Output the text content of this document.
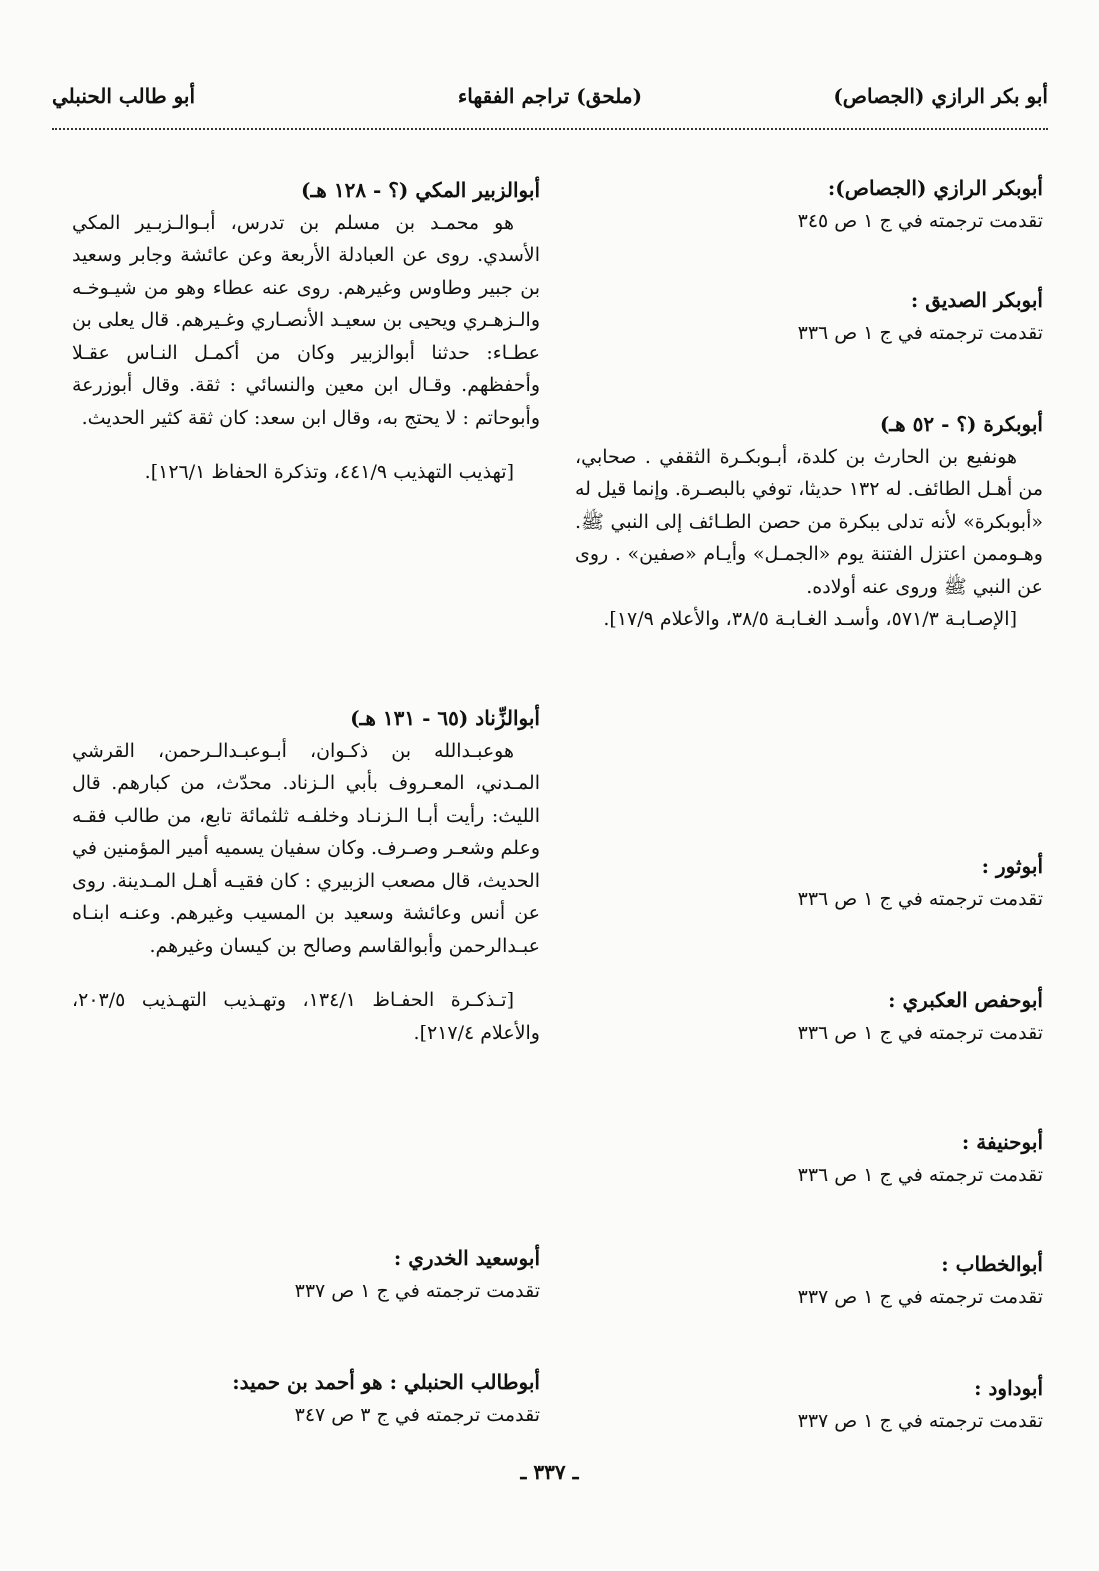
أبو بكر الرازي (الجصاص)
(ملحق) تراجم الفقهاء
أبو طالب الحنبلي
أبوبكر الرازي (الجصاص):
تقدمت ترجمته في ج ١ ص ٣٤٥
أبوبكر الصديق :
تقدمت ترجمته في ج ١ ص ٣٣٦
أبوبكرة (؟ - ٥٢ هـ)
هونفيع بن الحارث بن كلدة، أبـوبكـرة الثقفي . صحابي، من أهـل الطائف. له ١٣٢ حديثا، توفي بالبصـرة. وإنما قيل له «أبوبكرة» لأنه تدلى ببكرة من حصن الطـائف إلى النبي ﷺ. وهـوممن اعتزل الفتنة يوم «الجمـل» وأيـام «صفين» . روى عن النبي ﷺ وروى عنه أولاده.
[الإصـابـة ٥٧١/٣، وأسـد الغـابـة ٣٨/٥، والأعلام ١٧/٩].
أبوثور :
تقدمت ترجمته في ج ١ ص ٣٣٦
أبوحفص العكبري :
تقدمت ترجمته في ج ١ ص ٣٣٦
أبوحنيفة :
تقدمت ترجمته في ج ١ ص ٣٣٦
أبوالخطاب :
تقدمت ترجمته في ج ١ ص ٣٣٧
أبوداود :
تقدمت ترجمته في ج ١ ص ٣٣٧
أبوالزبير المكي (؟ - ١٢٨ هـ)
هو محمـد بن مسلم بن تدرس، أبـوالـزبـير المكي الأسدي. روى عن العبادلة الأربعة وعن عائشة وجابر وسعيد بن جبير وطاوس وغيرهم. روى عنه عطاء وهو من شيـوخـه والـزهـري ويحيى بن سعيـد الأنصـاري وغـيرهم. قال يعلى بن عطـاء: حدثنا أبوالزبير وكان من أكمـل النـاس عقـلا وأحفظهم. وقـال ابن معين والنسائي : ثقة. وقال أبوزرعة وأبوحاتم : لا يحتج به، وقال ابن سعد: كان ثقة كثير الحديث.
[تهذيب التهذيب ٤٤١/٩، وتذكرة الحفاظ ١٢٦/١].
أبوالزِّناد (٦٥ - ١٣١ هـ)
هوعبـدالله بن ذكـوان، أبـوعبـدالـرحمن، القرشي المـدني، المعـروف بأبي الـزناد. محدّث، من كبارهم. قال الليث: رأيت أبـا الـزنـاد وخلفـه ثلثمائة تابع، من طالب فقـه وعلم وشعـر وصـرف. وكان سفيان يسميه أمير المؤمنين في الحديث، قال مصعب الزبيري : كان فقيـه أهـل المـدينة. روى عن أنس وعائشة وسعيد بن المسيب وغيرهم. وعنـه ابنـاه عبـدالرحمن وأبوالقاسم وصالح بن كيسان وغيرهم.
[تـذكـرة الحفـاظ ١٣٤/١، وتهـذيب التهـذيب ٢٠٣/٥، والأعلام ٢١٧/٤].
أبوسعيد الخدري :
تقدمت ترجمته في ج ١ ص ٣٣٧
أبوطالب الحنبلي : هو أحمد بن حميد:
تقدمت ترجمته في ج ٣ ص ٣٤٧
ـ ٣٣٧ ـ
